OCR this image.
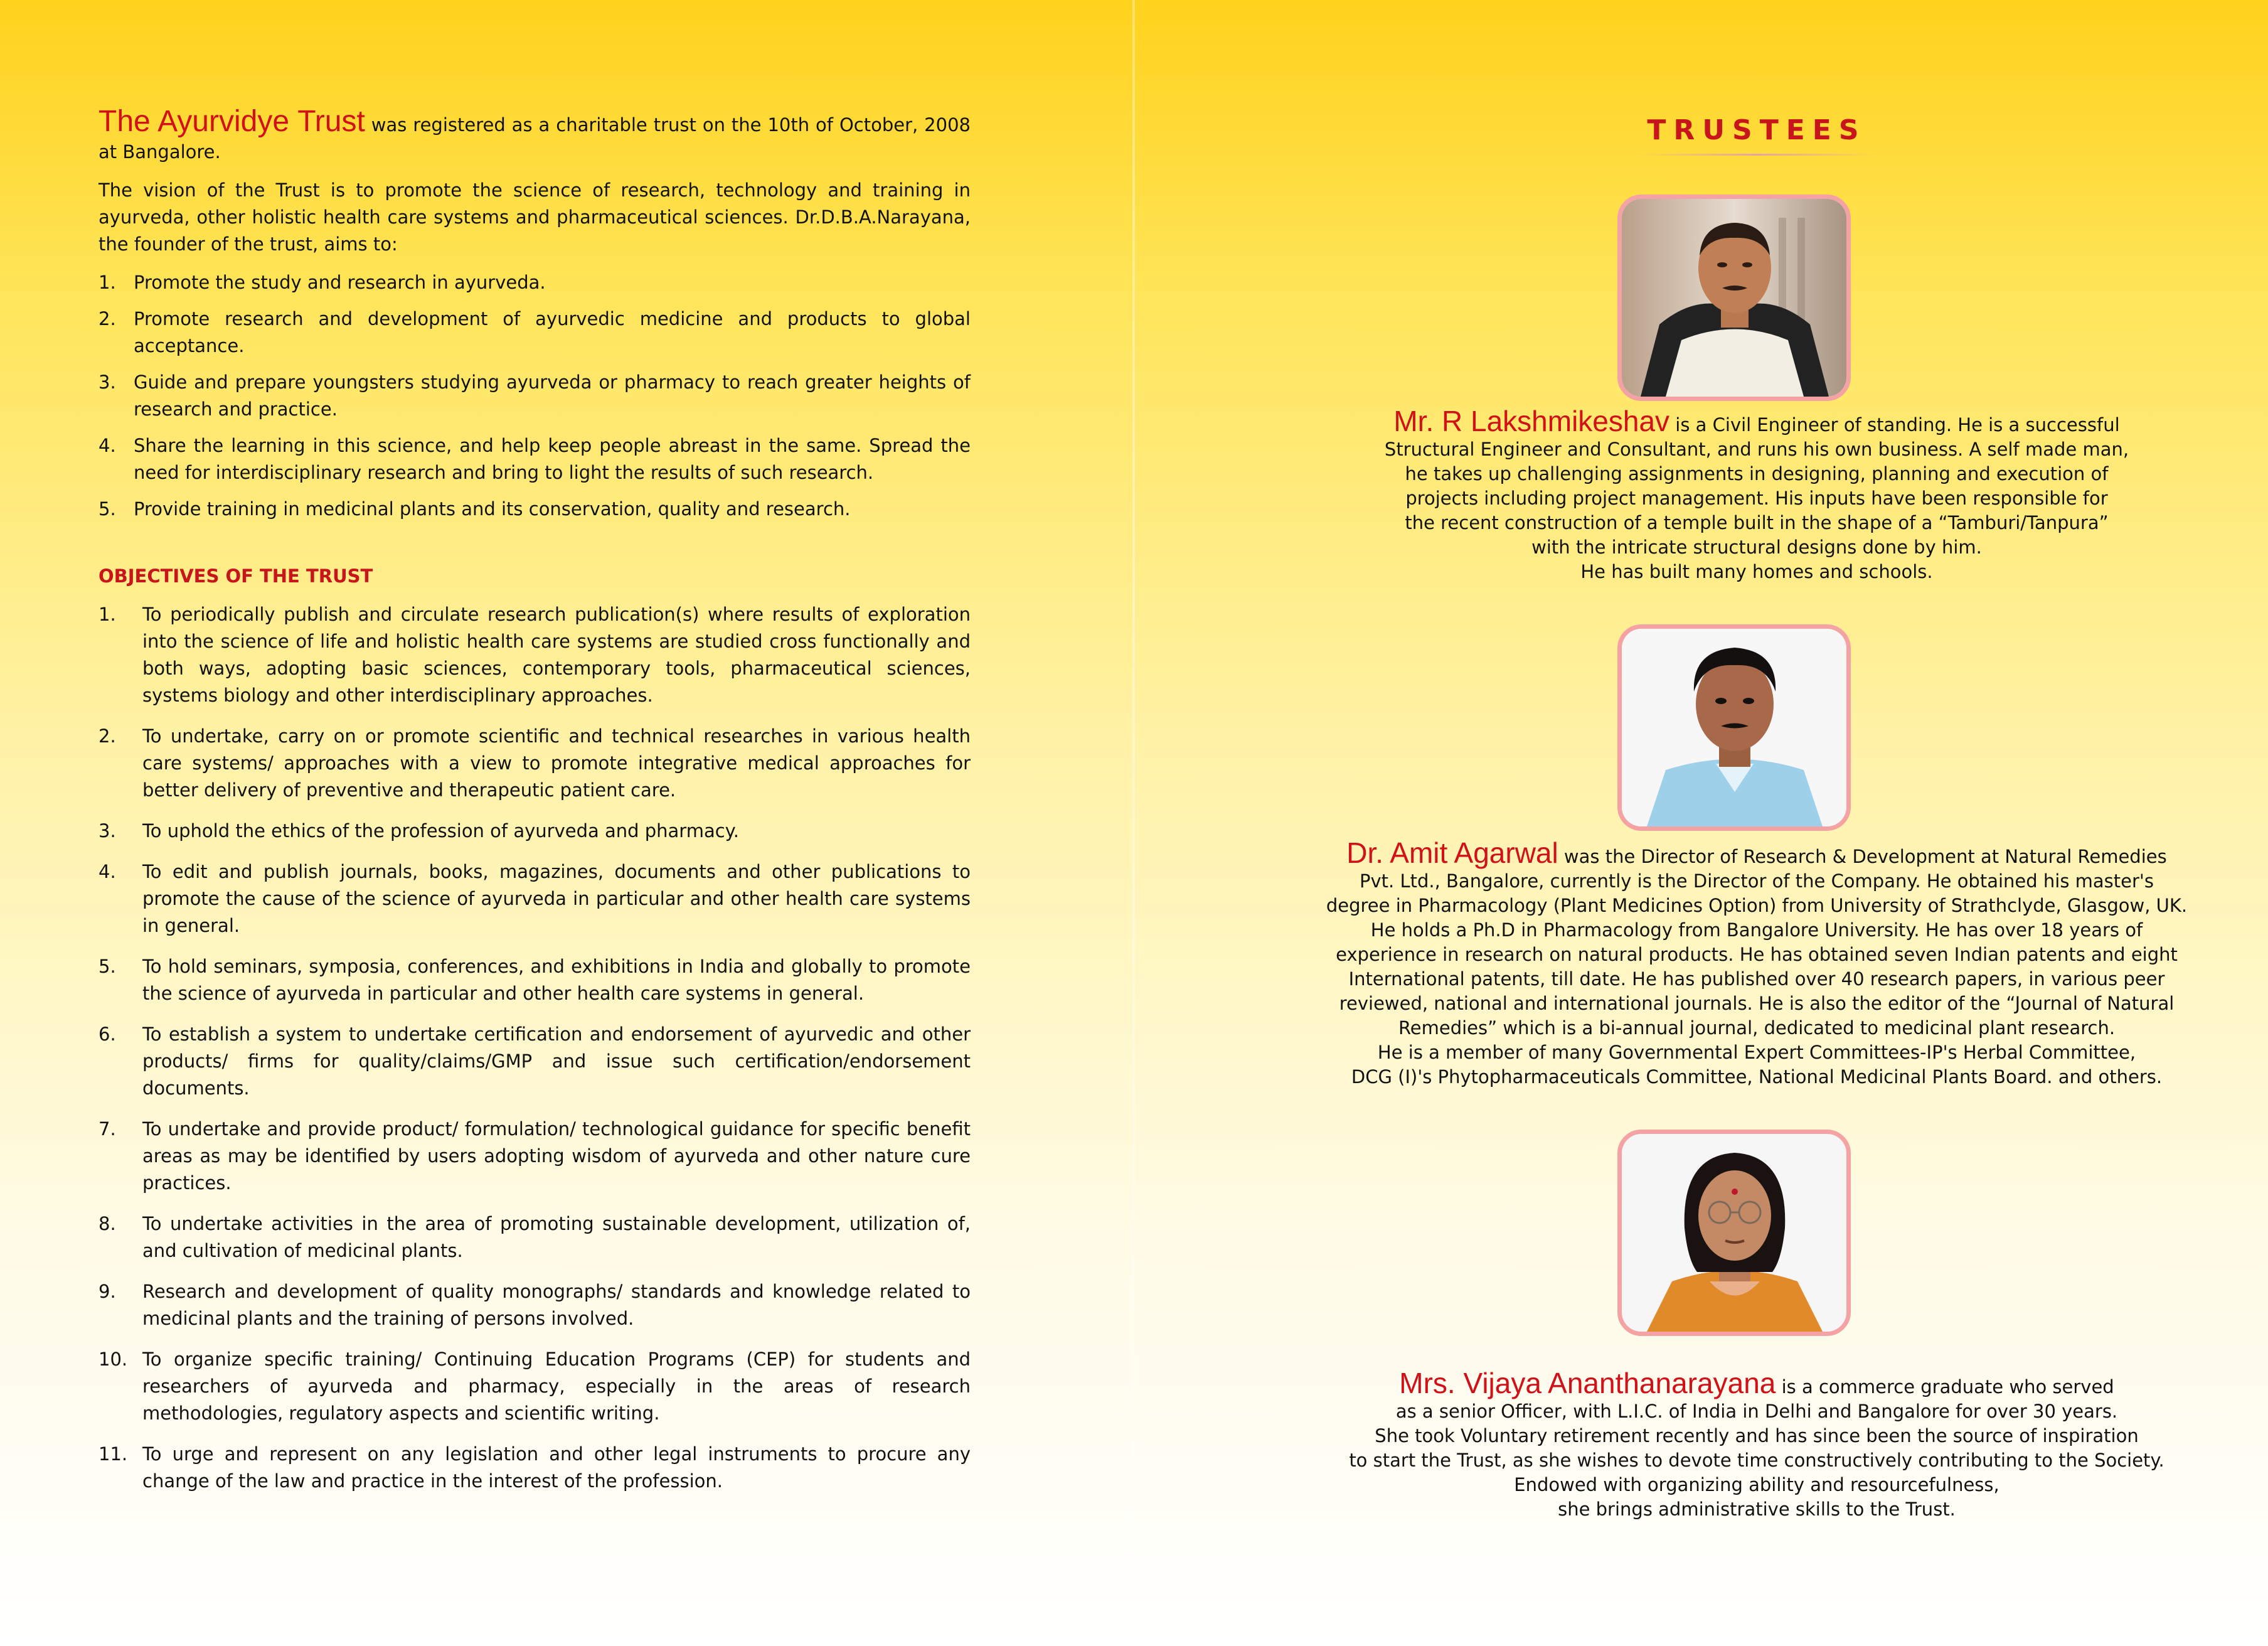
The Ayurvidye Trust was registered as a charitable trust on the 10th of October, 2008 at Bangalore.

The vision of the Trust is to promote the science of research, technology and training in ayurveda, other holistic health care systems and pharmaceutical sciences. Dr.D.B.A.Narayana, the founder of the trust, aims to:

1. Promote the study and research in ayurveda.
2. Promote research and development of ayurvedic medicine and products to global acceptance.
3. Guide and prepare youngsters studying ayurveda or pharmacy to reach greater heights of research and practice.
4. Share the learning in this science, and help keep people abreast in the same. Spread the need for interdisciplinary research and bring to light the results of such research.
5. Provide training in medicinal plants and its conservation, quality and research.
OBJECTIVES OF THE TRUST
1. To periodically publish and circulate research publication(s) where results of exploration into the science of life and holistic health care systems are studied cross functionally and both ways, adopting basic sciences, contemporary tools, pharmaceutical sciences, systems biology and other interdisciplinary approaches.
2. To undertake, carry on or promote scientific and technical researches in various health care systems/ approaches with a view to promote integrative medical approaches for better delivery of preventive and therapeutic patient care.
3. To uphold the ethics of the profession of ayurveda and pharmacy.
4. To edit and publish journals, books, magazines, documents and other publications to promote the cause of the science of ayurveda in particular and other health care systems in general.
5. To hold seminars, symposia, conferences, and exhibitions in India and globally to promote the science of ayurveda in particular and other health care systems in general.
6. To establish a system to undertake certification and endorsement of ayurvedic and other products/ firms for quality/claims/GMP and issue such certification/endorsement documents.
7. To undertake and provide product/ formulation/ technological guidance for specific benefit areas as may be identified by users adopting wisdom of ayurveda and other nature cure practices.
8. To undertake activities in the area of promoting sustainable development, utilization of, and cultivation of medicinal plants.
9. Research and development of quality monographs/ standards and knowledge related to medicinal plants and the training of persons involved.
10. To organize specific training/ Continuing Education Programs (CEP) for students and researchers of ayurveda and pharmacy, especially in the areas of research methodologies, regulatory aspects and scientific writing.
11. To urge and represent on any legislation and other legal instruments to procure any change of the law and practice in the interest of the profession.
TRUSTEES

Mr. R Lakshmikeshav is a Civil Engineer of standing. He is a successful

Structural Engineer and Consultant, and runs his own business. A self made man,

he takes up challenging assignments in designing, planning and execution of

projects including project management. His inputs have been responsible for

the recent construction of a temple built in the shape of a “Tamburi/Tanpura”

with the intricate structural designs done by him.

He has built many homes and schools.

Dr. Amit Agarwal was the Director of Research & Development at Natural Remedies

Pvt. Ltd., Bangalore, currently is the Director of the Company. He obtained his master's

degree in Pharmacology (Plant Medicines Option) from University of Strathclyde, Glasgow, UK.

He holds a Ph.D in Pharmacology from Bangalore University. He has over 18 years of

experience in research on natural products. He has obtained seven Indian patents and eight

International patents, till date. He has published over 40 research papers, in various peer

reviewed, national and international journals. He is also the editor of the “Journal of Natural

Remedies” which is a bi-annual journal, dedicated to medicinal plant research.

He is a member of many Governmental Expert Committees-IP's Herbal Committee,

DCG (I)'s Phytopharmaceuticals Committee, National Medicinal Plants Board. and others.

Mrs. Vijaya Ananthanarayana is a commerce graduate who served

as a senior Officer, with L.I.C. of India in Delhi and Bangalore for over 30 years.

She took Voluntary retirement recently and has since been the source of inspiration

to start the Trust, as she wishes to devote time constructively contributing to the Society.

Endowed with organizing ability and resourcefulness,

she brings administrative skills to the Trust.
